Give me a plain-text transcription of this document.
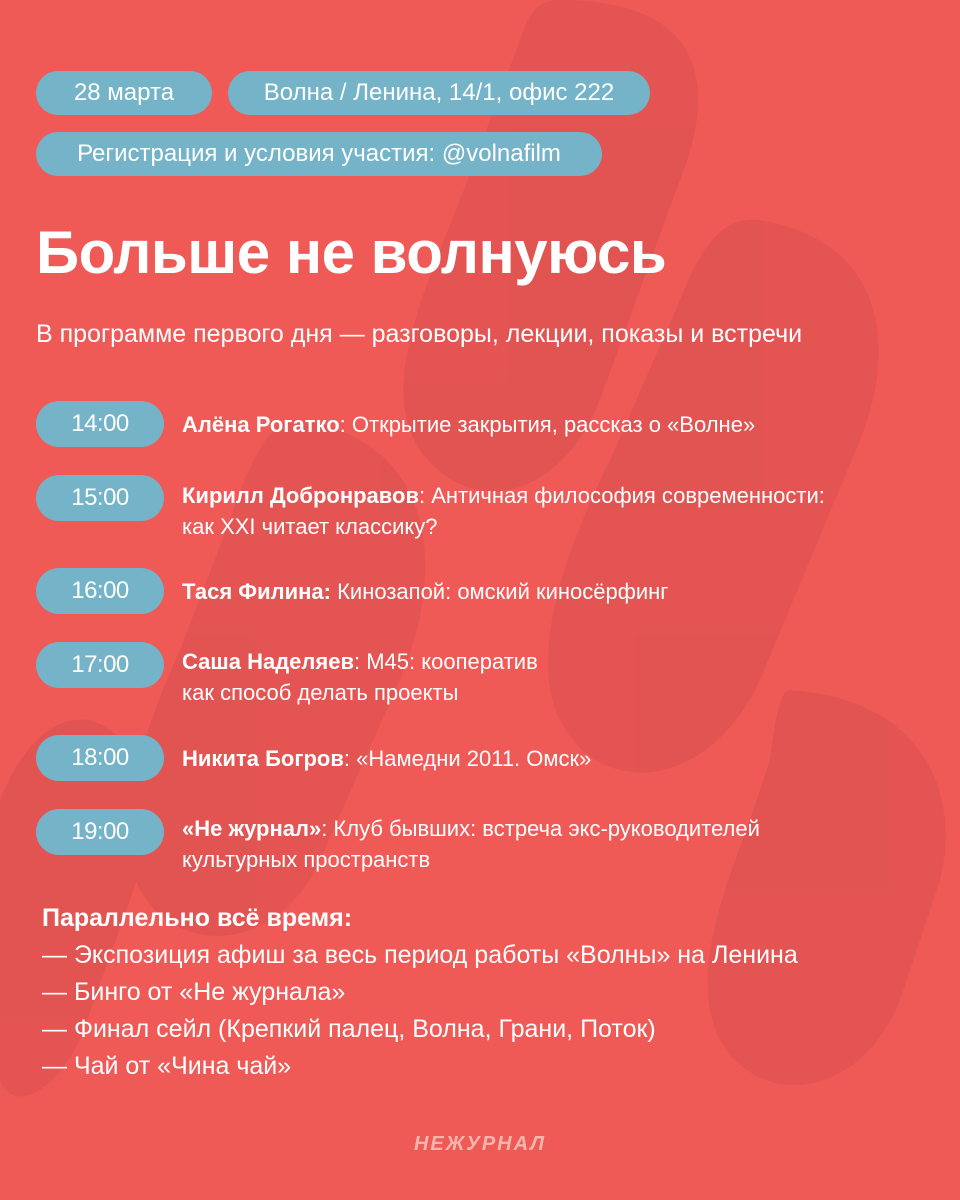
28 марта	Волна / Ленина, 14/1, офис 222
Регистрация и условия участия: @volnafilm
Больше не волнуюсь
В программе первого дня — разговоры, лекции, показы и встречи
14:00	Алёна Рогатко: Открытие закрытия, рассказ о «Волне»

15:00	Кирилл Добронравов: Античная философия современности:
как XXI читает классику?
16:00	Тася Филина: Кинозапой: омский киносёрфинг

17:00	Саша Наделяев: М45: кооператив
как способ делать проекты
18:00	Никита Богров: «Намедни 2011. Омск»

19:00	«Не журнал»: Клуб бывших: встреча экс-руководителей
культурных пространств
Параллельно всё время:
— Экспозиция афиш за весь период работы «Волны» на Ленина
— Бинго от «Не журнала»
— Финал сейл (Крепкий палец, Волна, Грани, Поток)
— Чай от «Чина чай»
НЕЖУРНАЛ
